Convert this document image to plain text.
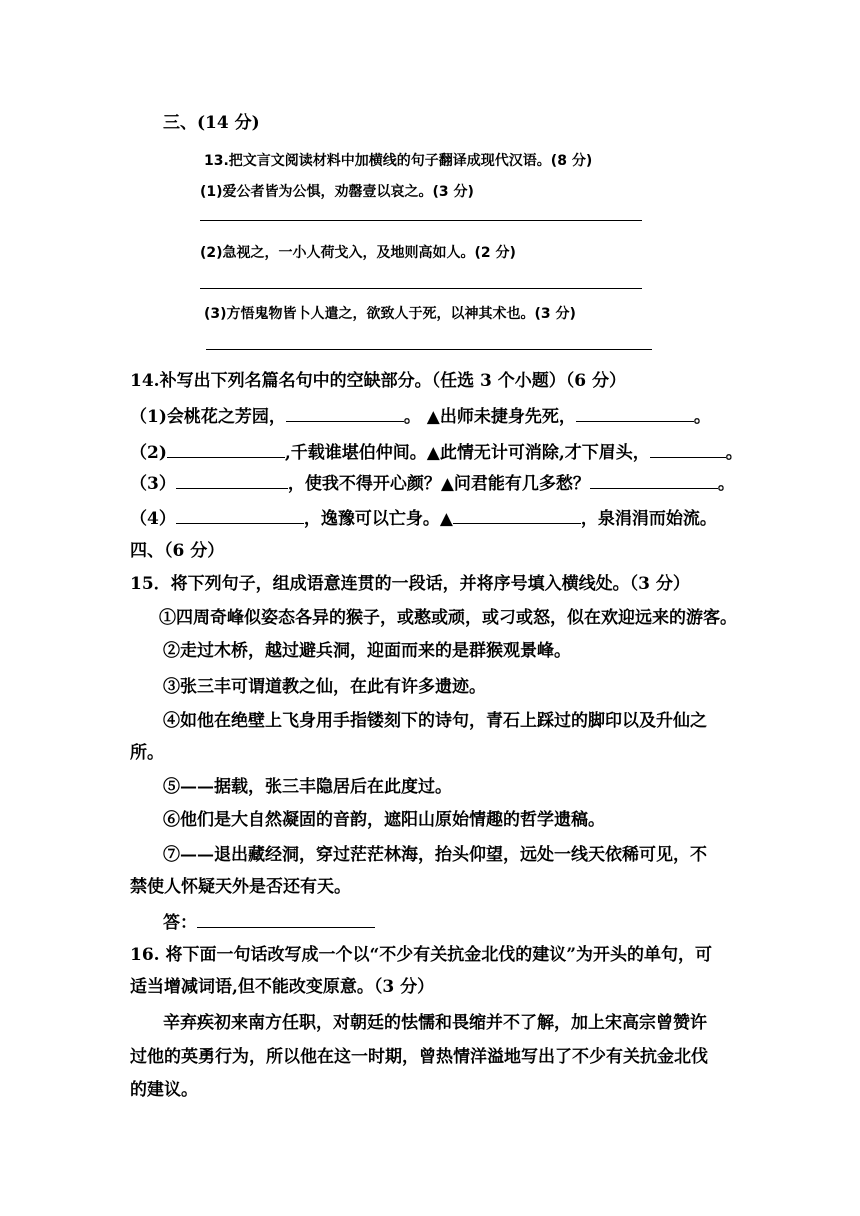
三、(14 分)
13.把文言文阅读材料中加横线的句子翻译成现代汉语。(8 分)
(1)爱公者皆为公惧，劝罄壹以哀之。(3 分)
(2)急视之，一小人荷戈入，及地则高如人。(2 分)
(3)方悟鬼物皆卜人遣之，欲致人于死，以神其术也。(3 分)
14.补写出下列名篇名句中的空缺部分。（任选 3 个小题）（6 分）
（1)会桃花之芳园，	。 ▲出师未捷身先死，	。
（2)	,千载谁堪伯仲间。▲此情无计可消除,才下眉头，	。
（3）	，使我不得开心颜？▲问君能有几多愁？	。
（4）	，逸豫可以亡身。▲	，泉涓涓而始流。
四、（6 分）
15．将下列句子，组成语意连贯的一段话，并将序号填入横线处。（3 分）
①四周奇峰似姿态各异的猴子，或憨或顽，或刁或怒，似在欢迎远来的游客。
②走过木桥，越过避兵洞，迎面而来的是群猴观景峰。
③张三丰可谓道教之仙，在此有许多遗迹。
④如他在绝壁上飞身用手指镂刻下的诗句，青石上踩过的脚印以及升仙之
所。
⑤——据载，张三丰隐居后在此度过。
⑥他们是大自然凝固的音韵，遮阳山原始情趣的哲学遗稿。
⑦——退出藏经洞，穿过茫茫林海，抬头仰望，远处一线天依稀可见，不
禁使人怀疑天外是否还有天。
答：
16. 将下面一句话改写成一个以“不少有关抗金北伐的建议”为开头的单句，可
适当增减词语,但不能改变原意。（3 分）
辛弃疾初来南方任职，对朝廷的怯懦和畏缩并不了解，加上宋高宗曾赞许
过他的英勇行为，所以他在这一时期，曾热情洋溢地写出了不少有关抗金北伐
的建议。
